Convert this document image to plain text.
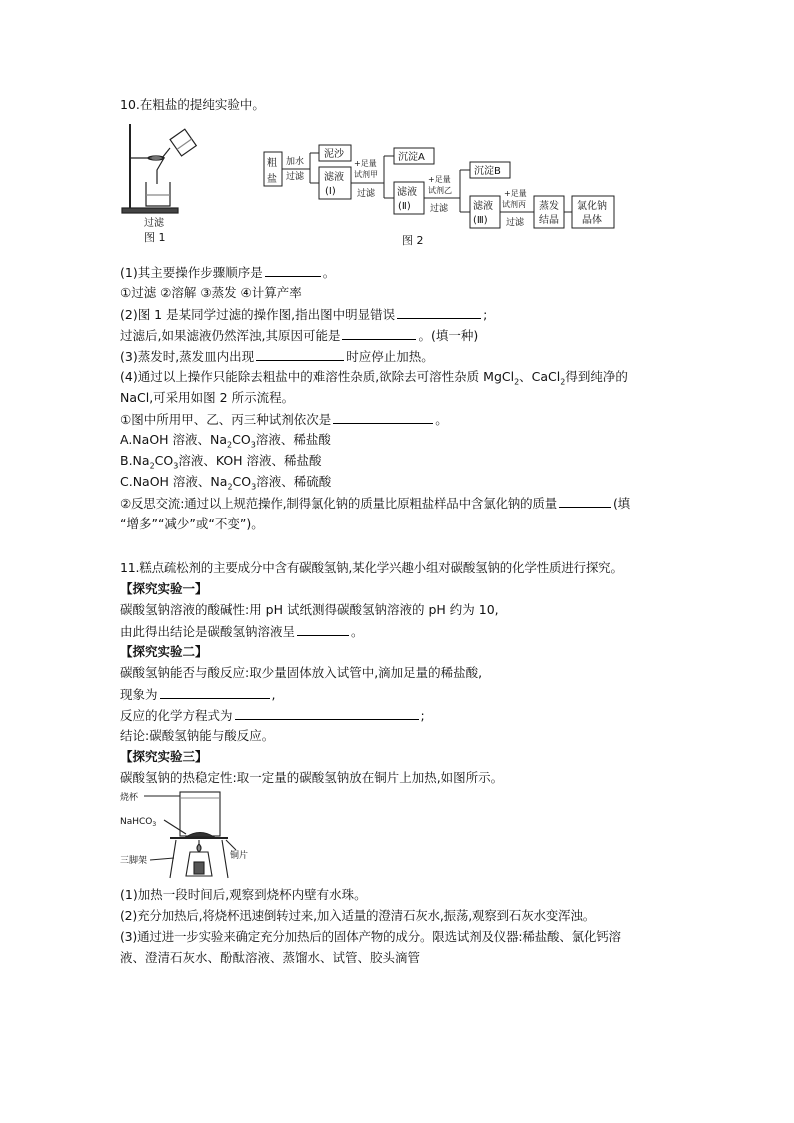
10.在粗盐的提纯实验中。
过滤
图 1
粗
盐
加水
过滤
泥沙
滤液
(Ⅰ)
+足量
试剂甲
过滤
沉淀A
滤液
(Ⅱ)
+足量
试剂乙
过滤
沉淀B
滤液
(Ⅲ)
+足量
试剂丙
过滤
蒸发
结晶
氯化钠
晶体
图 2
(1)其主要操作步骤顺序是	。
①过滤 ②溶解 ③蒸发 ④计算产率
(2)图 1 是某同学过滤的操作图,指出图中明显错误	;
过滤后,如果滤液仍然浑浊,其原因可能是	。(填一种)
(3)蒸发时,蒸发皿内出现	时应停止加热。
(4)通过以上操作只能除去粗盐中的难溶性杂质,欲除去可溶性杂质 MgCl$_2$、CaCl$_2$得到纯净的
NaCl,可采用如图 2 所示流程。
①图中所用甲、乙、丙三种试剂依次是	。
A.NaOH 溶液、$Na_2CO_3$溶液、稀盐酸
$B.Na_2CO_3$溶液、KOH 溶液、稀盐酸
C.NaOH 溶液、$Na_2CO_3$溶液、稀硫酸
②反思交流:通过以上规范操作,制得氯化钠的质量比原粗盐样品中含氯化钠的质量	(填
“增多”“减少”或“不变”)。
11.糕点疏松剂的主要成分中含有碳酸氢钠,某化学兴趣小组对碳酸氢钠的化学性质进行探究。
【探究实验一】
碳酸氢钠溶液的酸碱性:用 pH 试纸测得碳酸氢钠溶液的 pH 约为 10,
由此得出结论是碳酸氢钠溶液呈	。
【探究实验二】
碳酸氢钠能否与酸反应:取少量固体放入试管中,滴加足量的稀盐酸,
现象为	,
反应的化学方程式为	;
结论:碳酸氢钠能与酸反应。
【探究实验三】
碳酸氢钠的热稳定性:取一定量的碳酸氢钠放在铜片上加热,如图所示。
烧杯
NaHCO$_3$
三脚架	铜片
(1)加热一段时间后,观察到烧杯内壁有水珠。
(2)充分加热后,将烧杯迅速倒转过来,加入适量的澄清石灰水,振荡,观察到石灰水变浑浊。
(3)通过进一步实验来确定充分加热后的固体产物的成分。限选试剂及仪器:稀盐酸、氯化钙溶
液、澄清石灰水、酚酞溶液、蒸馏水、试管、胶头滴管
